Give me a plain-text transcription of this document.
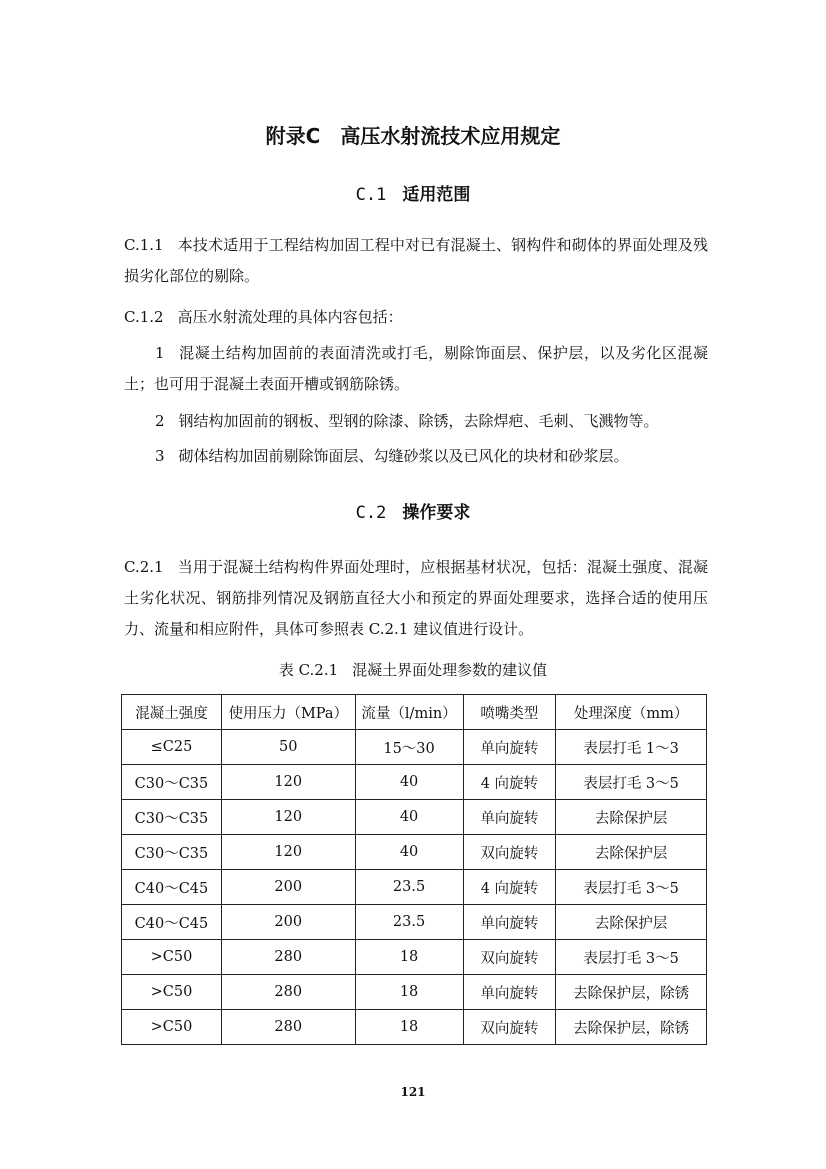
附录C　高压水射流技术应用规定
C.1 适用范围
C.1.1 本技术适用于工程结构加固工程中对已有混凝土、钢构件和砌体的界面处理及残损劣化部位的剔除。
C.1.2 高压水射流处理的具体内容包括：
1 混凝土结构加固前的表面清洗或打毛，剔除饰面层、保护层，以及劣化区混凝土；也可用于混凝土表面开槽或钢筋除锈。
2 钢结构加固前的钢板、型钢的除漆、除锈，去除焊疤、毛刺、飞溅物等。
3 砌体结构加固前剔除饰面层、勾缝砂浆以及已风化的块材和砂浆层。
C.2 操作要求
C.2.1 当用于混凝土结构构件界面处理时，应根据基材状况，包括：混凝土强度、混凝土劣化状况、钢筋排列情况及钢筋直径大小和预定的界面处理要求，选择合适的使用压力、流量和相应附件，具体可参照表 C.2.1 建议值进行设计。
表 C.2.1 混凝土界面处理参数的建议值
混凝土强度	使用压力（MPa）	流量（l/min）	喷嘴类型	处理深度（mm）
≤C25	50	15～30	单向旋转	表层打毛 1～3
C30～C35	120	40	4 向旋转	表层打毛 3～5
C30～C35	120	40	单向旋转	去除保护层
C30～C35	120	40	双向旋转	去除保护层
C40～C45	200	23.5	4 向旋转	表层打毛 3～5
C40～C45	200	23.5	单向旋转	去除保护层
>C50	280	18	双向旋转	表层打毛 3～5
>C50	280	18	单向旋转	去除保护层，除锈
>C50	280	18	双向旋转	去除保护层，除锈
121
